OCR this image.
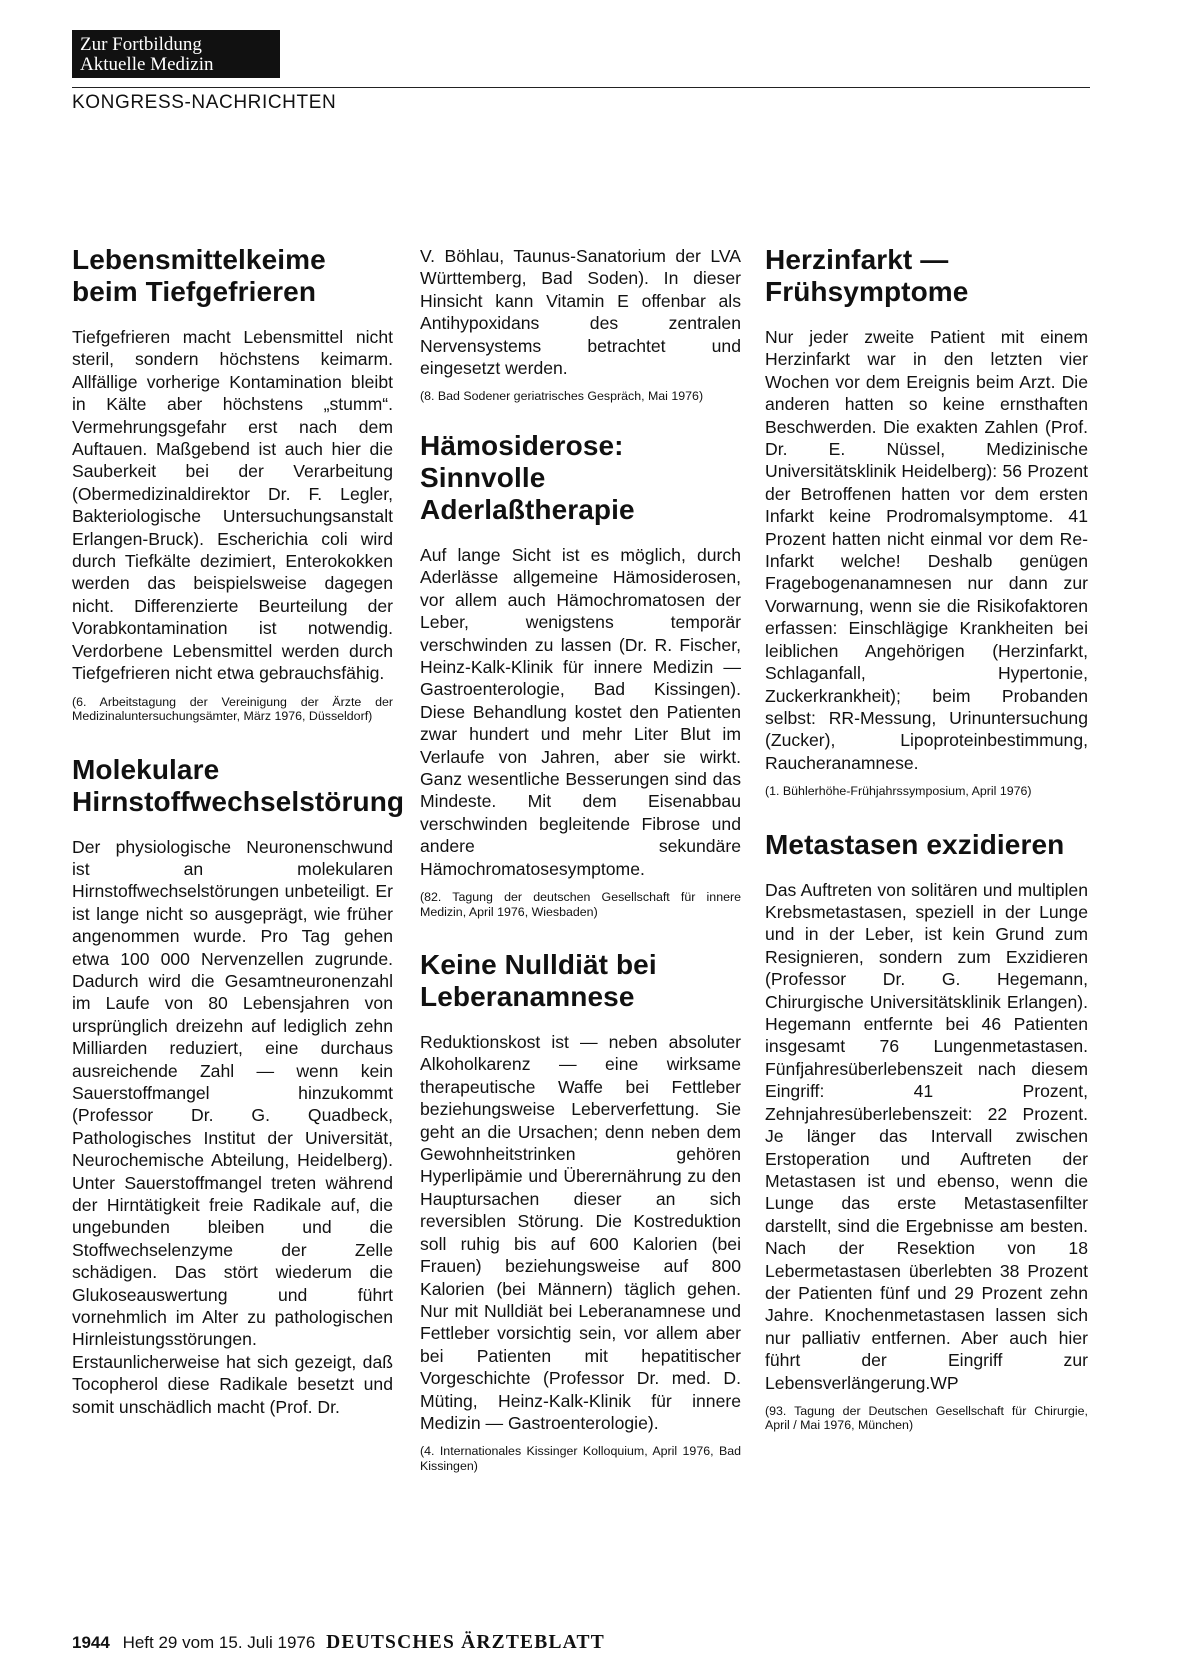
Zur Fortbildung
Aktuelle Medizin
KONGRESS-NACHRICHTEN
Lebensmittelkeime beim Tiefgefrieren

Tiefgefrieren macht Lebensmittel nicht steril, sondern höchstens keimarm. Allfällige vorherige Kontamination bleibt in Kälte aber höchstens „stumm“. Vermehrungsgefahr erst nach dem Auftauen. Maßgebend ist auch hier die Sauberkeit bei der Verarbeitung (Obermedizinaldirektor Dr. F. Legler, Bakteriologische Untersuchungsanstalt Erlangen-Bruck). Escherichia coli wird durch Tiefkälte dezimiert, Enterokokken werden das beispielsweise dagegen nicht. Differenzierte Beurteilung der Vorabkontamination ist notwendig. Verdorbene Lebensmittel werden durch Tiefgefrieren nicht etwa gebrauchsfähig.

(6. Arbeitstagung der Vereinigung der Ärzte der Medizinaluntersuchungsämter, März 1976, Düsseldorf)

Molekulare Hirnstoffwechselstörung

Der physiologische Neuronenschwund ist an molekularen Hirnstoffwechselstörungen unbeteiligt. Er ist lange nicht so ausgeprägt, wie früher angenommen wurde. Pro Tag gehen etwa 100 000 Nervenzellen zugrunde. Dadurch wird die Gesamtneuronenzahl im Laufe von 80 Lebensjahren von ursprünglich dreizehn auf lediglich zehn Milliarden reduziert, eine durchaus ausreichende Zahl — wenn kein Sauerstoffmangel hinzukommt (Professor Dr. G. Quadbeck, Pathologisches Institut der Universität, Neurochemische Abteilung, Heidelberg). Unter Sauerstoffmangel treten während der Hirntätigkeit freie Radikale auf, die ungebunden bleiben und die Stoffwechselenzyme der Zelle schädigen. Das stört wiederum die Glukoseauswertung und führt vornehmlich im Alter zu pathologischen Hirnleistungsstörungen. Erstaunlicherweise hat sich gezeigt, daß Tocopherol diese Radikale besetzt und somit unschädlich macht (Prof. Dr.

V. Böhlau, Taunus-Sanatorium der LVA Württemberg, Bad Soden). In dieser Hinsicht kann Vitamin E offenbar als Antihypoxidans des zentralen Nervensystems betrachtet und eingesetzt werden.

(8. Bad Sodener geriatrisches Gespräch, Mai 1976)

Hämosiderose: Sinnvolle Aderlaßtherapie

Auf lange Sicht ist es möglich, durch Aderlässe allgemeine Hämosiderosen, vor allem auch Hämochromatosen der Leber, wenigstens temporär verschwinden zu lassen (Dr. R. Fischer, Heinz-Kalk-Klinik für innere Medizin — Gastroenterologie, Bad Kissingen). Diese Behandlung kostet den Patienten zwar hundert und mehr Liter Blut im Verlaufe von Jahren, aber sie wirkt. Ganz wesentliche Besserungen sind das Mindeste. Mit dem Eisenabbau verschwinden begleitende Fibrose und andere sekundäre Hämochromatosesymptome.

(82. Tagung der deutschen Gesellschaft für innere Medizin, April 1976, Wiesbaden)

Keine Nulldiät bei Leberanamnese

Reduktionskost ist — neben absoluter Alkoholkarenz — eine wirksame therapeutische Waffe bei Fettleber beziehungsweise Leberverfettung. Sie geht an die Ursachen; denn neben dem Gewohnheitstrinken gehören Hyperlipämie und Überernährung zu den Hauptursachen dieser an sich reversiblen Störung. Die Kostreduktion soll ruhig bis auf 600 Kalorien (bei Frauen) beziehungsweise auf 800 Kalorien (bei Männern) täglich gehen. Nur mit Nulldiät bei Leberanamnese und Fettleber vorsichtig sein, vor allem aber bei Patienten mit hepatitischer Vorgeschichte (Professor Dr. med. D. Müting, Heinz-Kalk-Klinik für innere Medizin — Gastroenterologie).

(4. Internationales Kissinger Kolloquium, April 1976, Bad Kissingen)

Herzinfarkt — Frühsymptome

Nur jeder zweite Patient mit einem Herzinfarkt war in den letzten vier Wochen vor dem Ereignis beim Arzt. Die anderen hatten so keine ernsthaften Beschwerden. Die exakten Zahlen (Prof. Dr. E. Nüssel, Medizinische Universitätsklinik Heidelberg): 56 Prozent der Betroffenen hatten vor dem ersten Infarkt keine Prodromalsymptome. 41 Prozent hatten nicht einmal vor dem Re-Infarkt welche! Deshalb genügen Fragebogenanamnesen nur dann zur Vorwarnung, wenn sie die Risikofaktoren erfassen: Einschlägige Krankheiten bei leiblichen Angehörigen (Herzinfarkt, Schlaganfall, Hypertonie, Zuckerkrankheit); beim Probanden selbst: RR-Messung, Urinuntersuchung (Zucker), Lipoproteinbestimmung, Raucheranamnese.

(1. Bühlerhöhe-Frühjahrssymposium, April 1976)

Metastasen exzidieren

Das Auftreten von solitären und multiplen Krebsmetastasen, speziell in der Lunge und in der Leber, ist kein Grund zum Resignieren, sondern zum Exzidieren (Professor Dr. G. Hegemann, Chirurgische Universitätsklinik Erlangen). Hegemann entfernte bei 46 Patienten insgesamt 76 Lungenmetastasen. Fünfjahresüberlebenszeit nach diesem Eingriff: 41 Prozent, Zehnjahresüberlebenszeit: 22 Prozent. Je länger das Intervall zwischen Erstoperation und Auftreten der Metastasen ist und ebenso, wenn die Lunge das erste Metastasenfilter darstellt, sind die Ergebnisse am besten. Nach der Resektion von 18 Lebermetastasen überlebten 38 Prozent der Patienten fünf und 29 Prozent zehn Jahre. Knochenmetastasen lassen sich nur palliativ entfernen. Aber auch hier führt der Eingriff zur Lebensverlängerung.WP

(93. Tagung der Deutschen Gesellschaft für Chirurgie, April / Mai 1976, München)

1944 Heft 29 vom 15. Juli 1976 DEUTSCHES ÄRZTEBLATT
